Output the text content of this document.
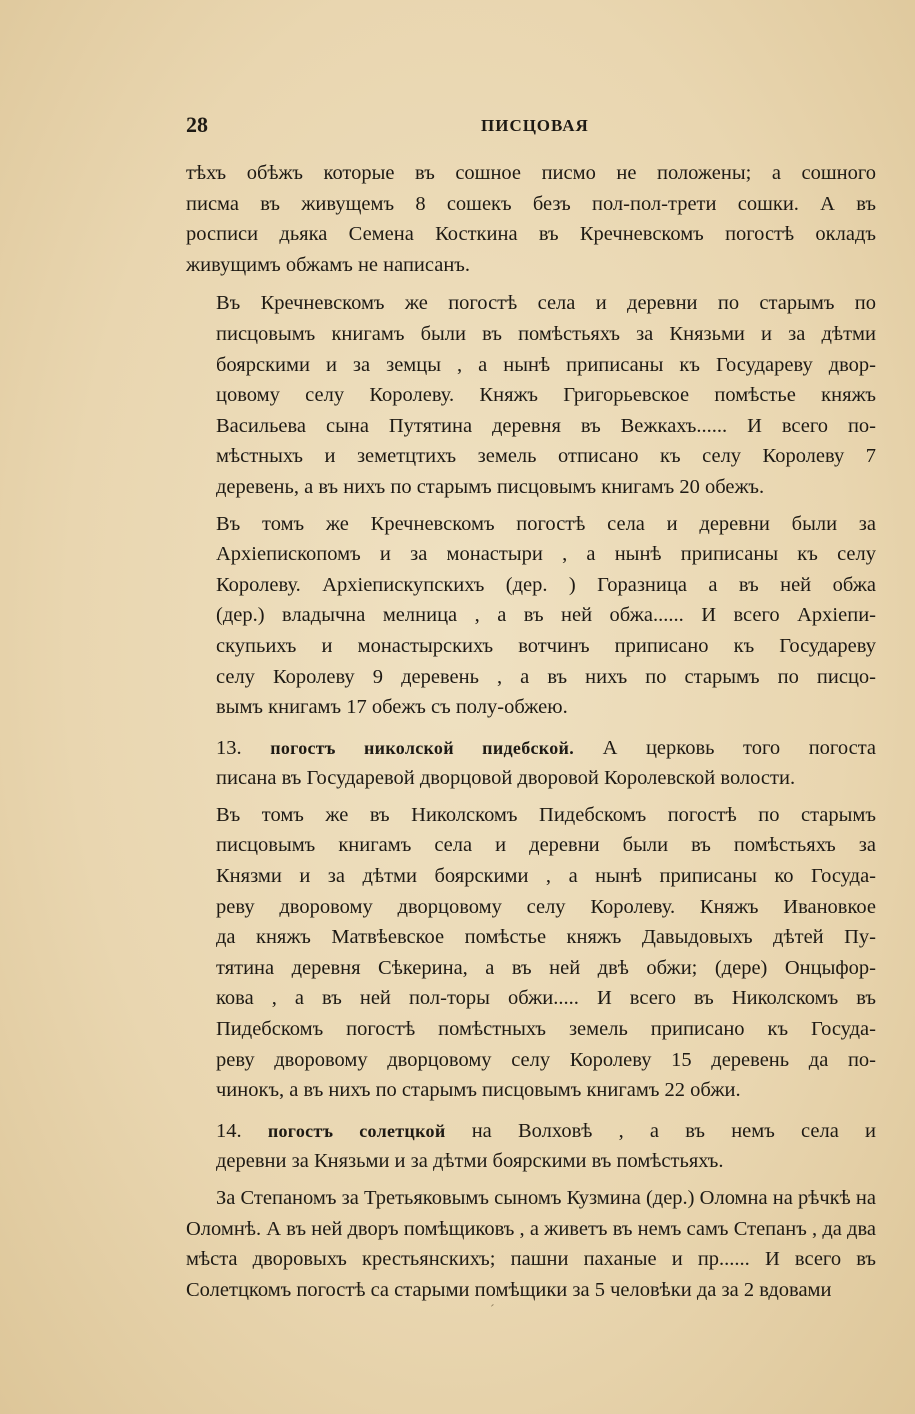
28	ПИСЦОВАЯ

тѣхъ обѣжъ которые въ сошное писмо не положены; а сошного
писма въ живущемъ 8 сошекъ безъ пол-пол-трети сошки. А въ
росписи дьяка Семена Косткина въ Кречневскомъ погостѣ окладъ
живущимъ обжамъ не написанъ.

Въ Кречневскомъ же погостѣ села и деревни по старымъ по
писцовымъ книгамъ были въ помѣстьяхъ за Князьми и за дѣтми
боярскими и за земцы , а нынѣ приписаны къ Государеву двор-
цовому селу Королеву. Княжъ Григорьевское помѣстье княжъ
Васильева сына Путятина деревня въ Вежкахъ...... И всего по-
мѣстныхъ и земетцтихъ земель отписано къ селу Королеву 7
деревень, а въ нихъ по старымъ писцовымъ книгамъ 20 обежъ.

Въ томъ же Кречневскомъ погостѣ села и деревни были за
Архіепископомъ и за монастыри , а нынѣ приписаны къ селу
Королеву. Архіепискупскихъ (дер. ) Горазница а въ ней обжа
(дер.) владычна мелница , а въ ней обжа...... И всего Архіепи-
скупьихъ и монастырскихъ вотчинъ приписано къ Государеву
селу Королеву 9 деревень , а въ нихъ по старымъ по писцо-
вымъ книгамъ 17 обежъ съ полу-обжею.

13. погостъ николской пидебской. А церковь того погоста
писана въ Государевой дворцовой дворовой Королевской волости.

Въ томъ же въ Николскомъ Пидебскомъ погостѣ по старымъ
писцовымъ книгамъ села и деревни были въ помѣстьяхъ за
Князми и за дѣтми боярскими , а нынѣ приписаны ко Госуда-
реву дворовому дворцовому селу Королеву. Княжъ Ивановкое
да княжъ Матвѣевское помѣстье княжъ Давыдовыхъ дѣтей Пу-
тятина деревня Сѣкерина, а въ ней двѣ обжи; (дере) Онцыфор-
кова , а въ ней пол-торы обжи..... И всего въ Николскомъ въ
Пидебскомъ погостѣ помѣстныхъ земель приписано къ Госуда-
реву дворовому дворцовому селу Королеву 15 деревень да по-
чинокъ, а въ нихъ по старымъ писцовымъ книгамъ 22 обжи.

14. погостъ солетцкой на Волховѣ , а въ немъ села и
деревни за Князьми и за дѣтми боярскими въ помѣстьяхъ.

За Степаномъ за Третьяковымъ сыномъ Кузмина (дер.) Оломна на рѣчкѣ на Оломнѣ. А въ ней дворъ помѣщиковъ , а живетъ въ немъ самъ Степанъ , да два мѣста дворовыхъ крестьянскихъ; пашни паханые и пр...... И всего въ Солетцкомъ погостѣ са старыми помѣщики за 5 человѣки да за 2 вдовами

ˊ
